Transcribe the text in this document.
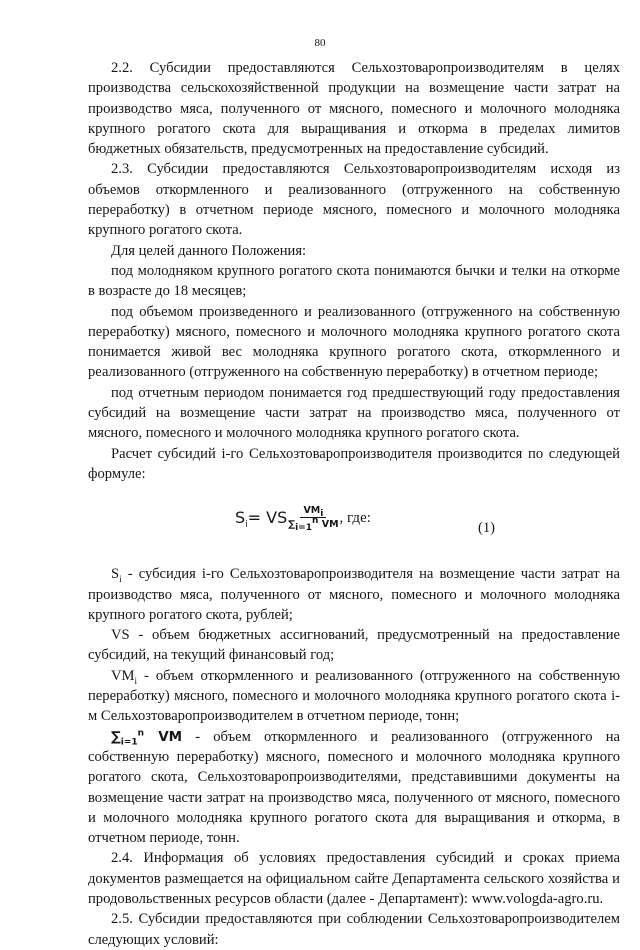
80

2.2. Субсидии предоставляются Сельхозтоваропроизводителям в целях производства сельскохозяйственной продукции на возмещение части затрат на производство мяса, полученного от мясного, помесного и молочного молодняка крупного рогатого скота для выращивания и откорма в пределах лимитов бюджетных обязательств, предусмотренных на предоставление субсидий.

2.3. Субсидии предоставляются Сельхозтоваропроизводителям исходя из объемов откормленного и реализованного (отгруженного на собственную переработку) в отчетном периоде мясного, помесного и молочного молодняка крупного рогатого скота.

Для целей данного Положения:

под молодняком крупного рогатого скота понимаются бычки и телки на откорме в возрасте до 18 месяцев;

под объемом произведенного и реализованного (отгруженного на собственную переработку) мясного, помесного и молочного молодняка крупного рогатого скота понимается живой вес молодняка крупного рогатого скота, откормленного и реализованного (отгруженного на собственную переработку) в отчетном периоде;

под отчетным периодом понимается год предшествующий году предоставления субсидий на возмещение части затрат на производство мяса, полученного от мясного, помесного и молочного молодняка крупного рогатого скота.

Расчет субсидий i-го Сельхозтоваропроизводителя производится по следующей формуле:

$S_i$ = VS $\frac{VM_i}{\sum_{i=1}^n VM}$ , где:
(1)

$S_i$ - субсидия i-го Сельхозтоваропроизводителя на возмещение части затрат на производство мяса, полученного от мясного, помесного и молочного молодняка крупного рогатого скота, рублей;

VS - объем бюджетных ассигнований, предусмотренный на предоставление субсидий, на текущий финансовый год;

$VM_i$ - объем откормленного и реализованного (отгруженного на собственную переработку) мясного, помесного и молочного молодняка крупного рогатого скота i-м Сельхозтоваропроизводителем в отчетном периоде, тонн;

$\sum_{i=1}^n$ VM - объем откормленного и реализованного (отгруженного на собственную переработку) мясного, помесного и молочного молодняка крупного рогатого скота, Сельхозтоваропроизводителями, представившими документы на возмещение части затрат на производство мяса, полученного от мясного, помесного и молочного молодняка крупного рогатого скота для выращивания и откорма, в отчетном периоде, тонн.

2.4. Информация об условиях предоставления субсидий и сроках приема документов размещается на официальном сайте Департамента сельского хозяйства и продовольственных ресурсов области (далее - Департамент): www.vologda-agro.ru.

2.5. Субсидии предоставляются при соблюдении Сельхозтоваропроизводителем следующих условий:
